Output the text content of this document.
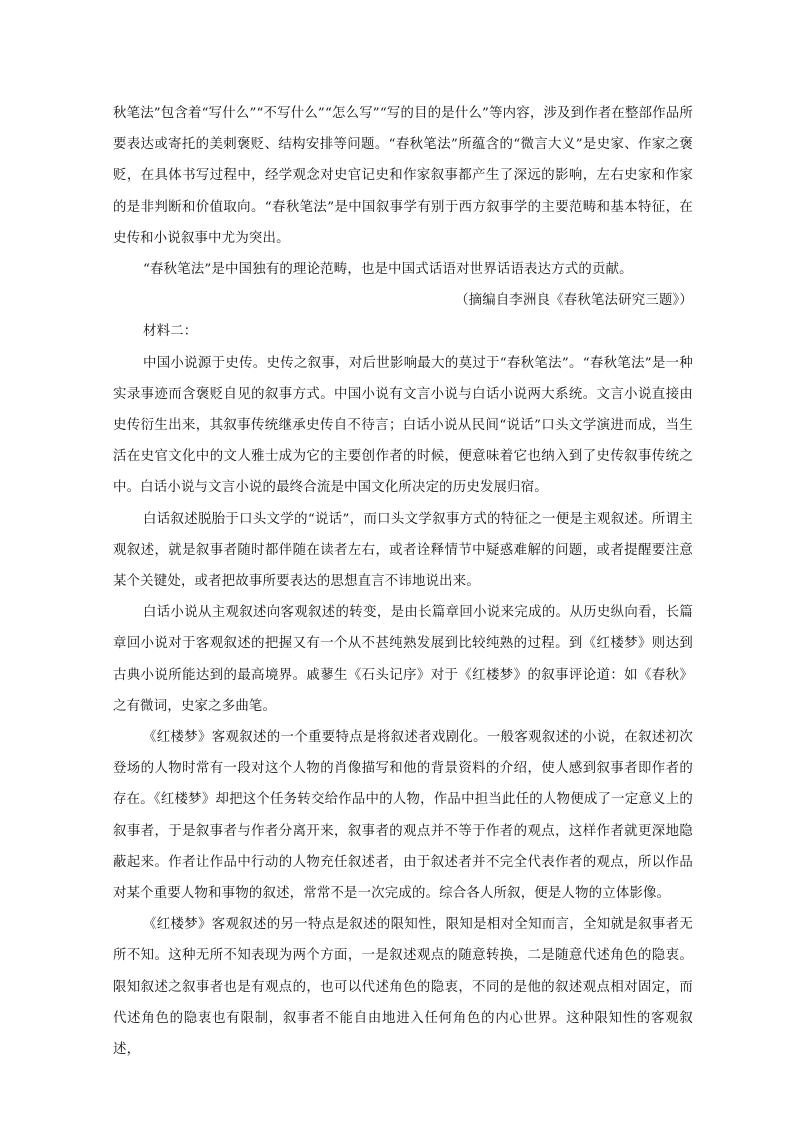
秋笔法”包含着“写什么”“不写什么”“怎么写”“写的目的是什么”等内容，涉及到作者在整部作品所要表达或寄托的美刺褒贬、结构安排等问题。“春秋笔法”所蕴含的“微言大义”是史家、作家之褒贬，在具体书写过程中，经学观念对史官记史和作家叙事都产生了深远的影响，左右史家和作家的是非判断和价值取向。“春秋笔法”是中国叙事学有别于西方叙事学的主要范畴和基本特征，在史传和小说叙事中尤为突出。

“春秋笔法”是中国独有的理论范畴，也是中国式话语对世界话语表达方式的贡献。

（摘编自李洲良《春秋笔法研究三题》）

材料二：

中国小说源于史传。史传之叙事，对后世影响最大的莫过于“春秋笔法”。“春秋笔法”是一种实录事迹而含褒贬自见的叙事方式。中国小说有文言小说与白话小说两大系统。文言小说直接由史传衍生出来，其叙事传统继承史传自不待言；白话小说从民间“说话”口头文学演进而成，当生活在史官文化中的文人雅士成为它的主要创作者的时候，便意味着它也纳入到了史传叙事传统之中。白话小说与文言小说的最终合流是中国文化所决定的历史发展归宿。

白话叙述脱胎于口头文学的“说话”，而口头文学叙事方式的特征之一便是主观叙述。所谓主观叙述，就是叙事者随时都伴随在读者左右，或者诠释情节中疑惑难解的问题，或者提醒要注意某个关键处，或者把故事所要表达的思想直言不讳地说出来。

白话小说从主观叙述向客观叙述的转变，是由长篇章回小说来完成的。从历史纵向看，长篇章回小说对于客观叙述的把握又有一个从不甚纯熟发展到比较纯熟的过程。到《红楼梦》则达到古典小说所能达到的最高境界。戚蓼生《石头记序》对于《红楼梦》的叙事评论道：如《春秋》之有微词，史家之多曲笔。

《红楼梦》客观叙述的一个重要特点是将叙述者戏剧化。一般客观叙述的小说，在叙述初次登场的人物时常有一段对这个人物的肖像描写和他的背景资料的介绍，使人感到叙事者即作者的存在。《红楼梦》却把这个任务转交给作品中的人物，作品中担当此任的人物便成了一定意义上的叙事者，于是叙事者与作者分离开来，叙事者的观点并不等于作者的观点，这样作者就更深地隐蔽起来。作者让作品中行动的人物充任叙述者，由于叙述者并不完全代表作者的观点，所以作品对某个重要人物和事物的叙述，常常不是一次完成的。综合各人所叙，便是人物的立体影像。

《红楼梦》客观叙述的另一特点是叙述的限知性，限知是相对全知而言，全知就是叙事者无所不知。这种无所不知表现为两个方面，一是叙述观点的随意转换，二是随意代述角色的隐衷。限知叙述之叙事者也是有观点的，也可以代述角色的隐衷，不同的是他的叙述观点相对固定，而代述角色的隐衷也有限制，叙事者不能自由地进入任何角色的内心世界。这种限知性的客观叙述，
